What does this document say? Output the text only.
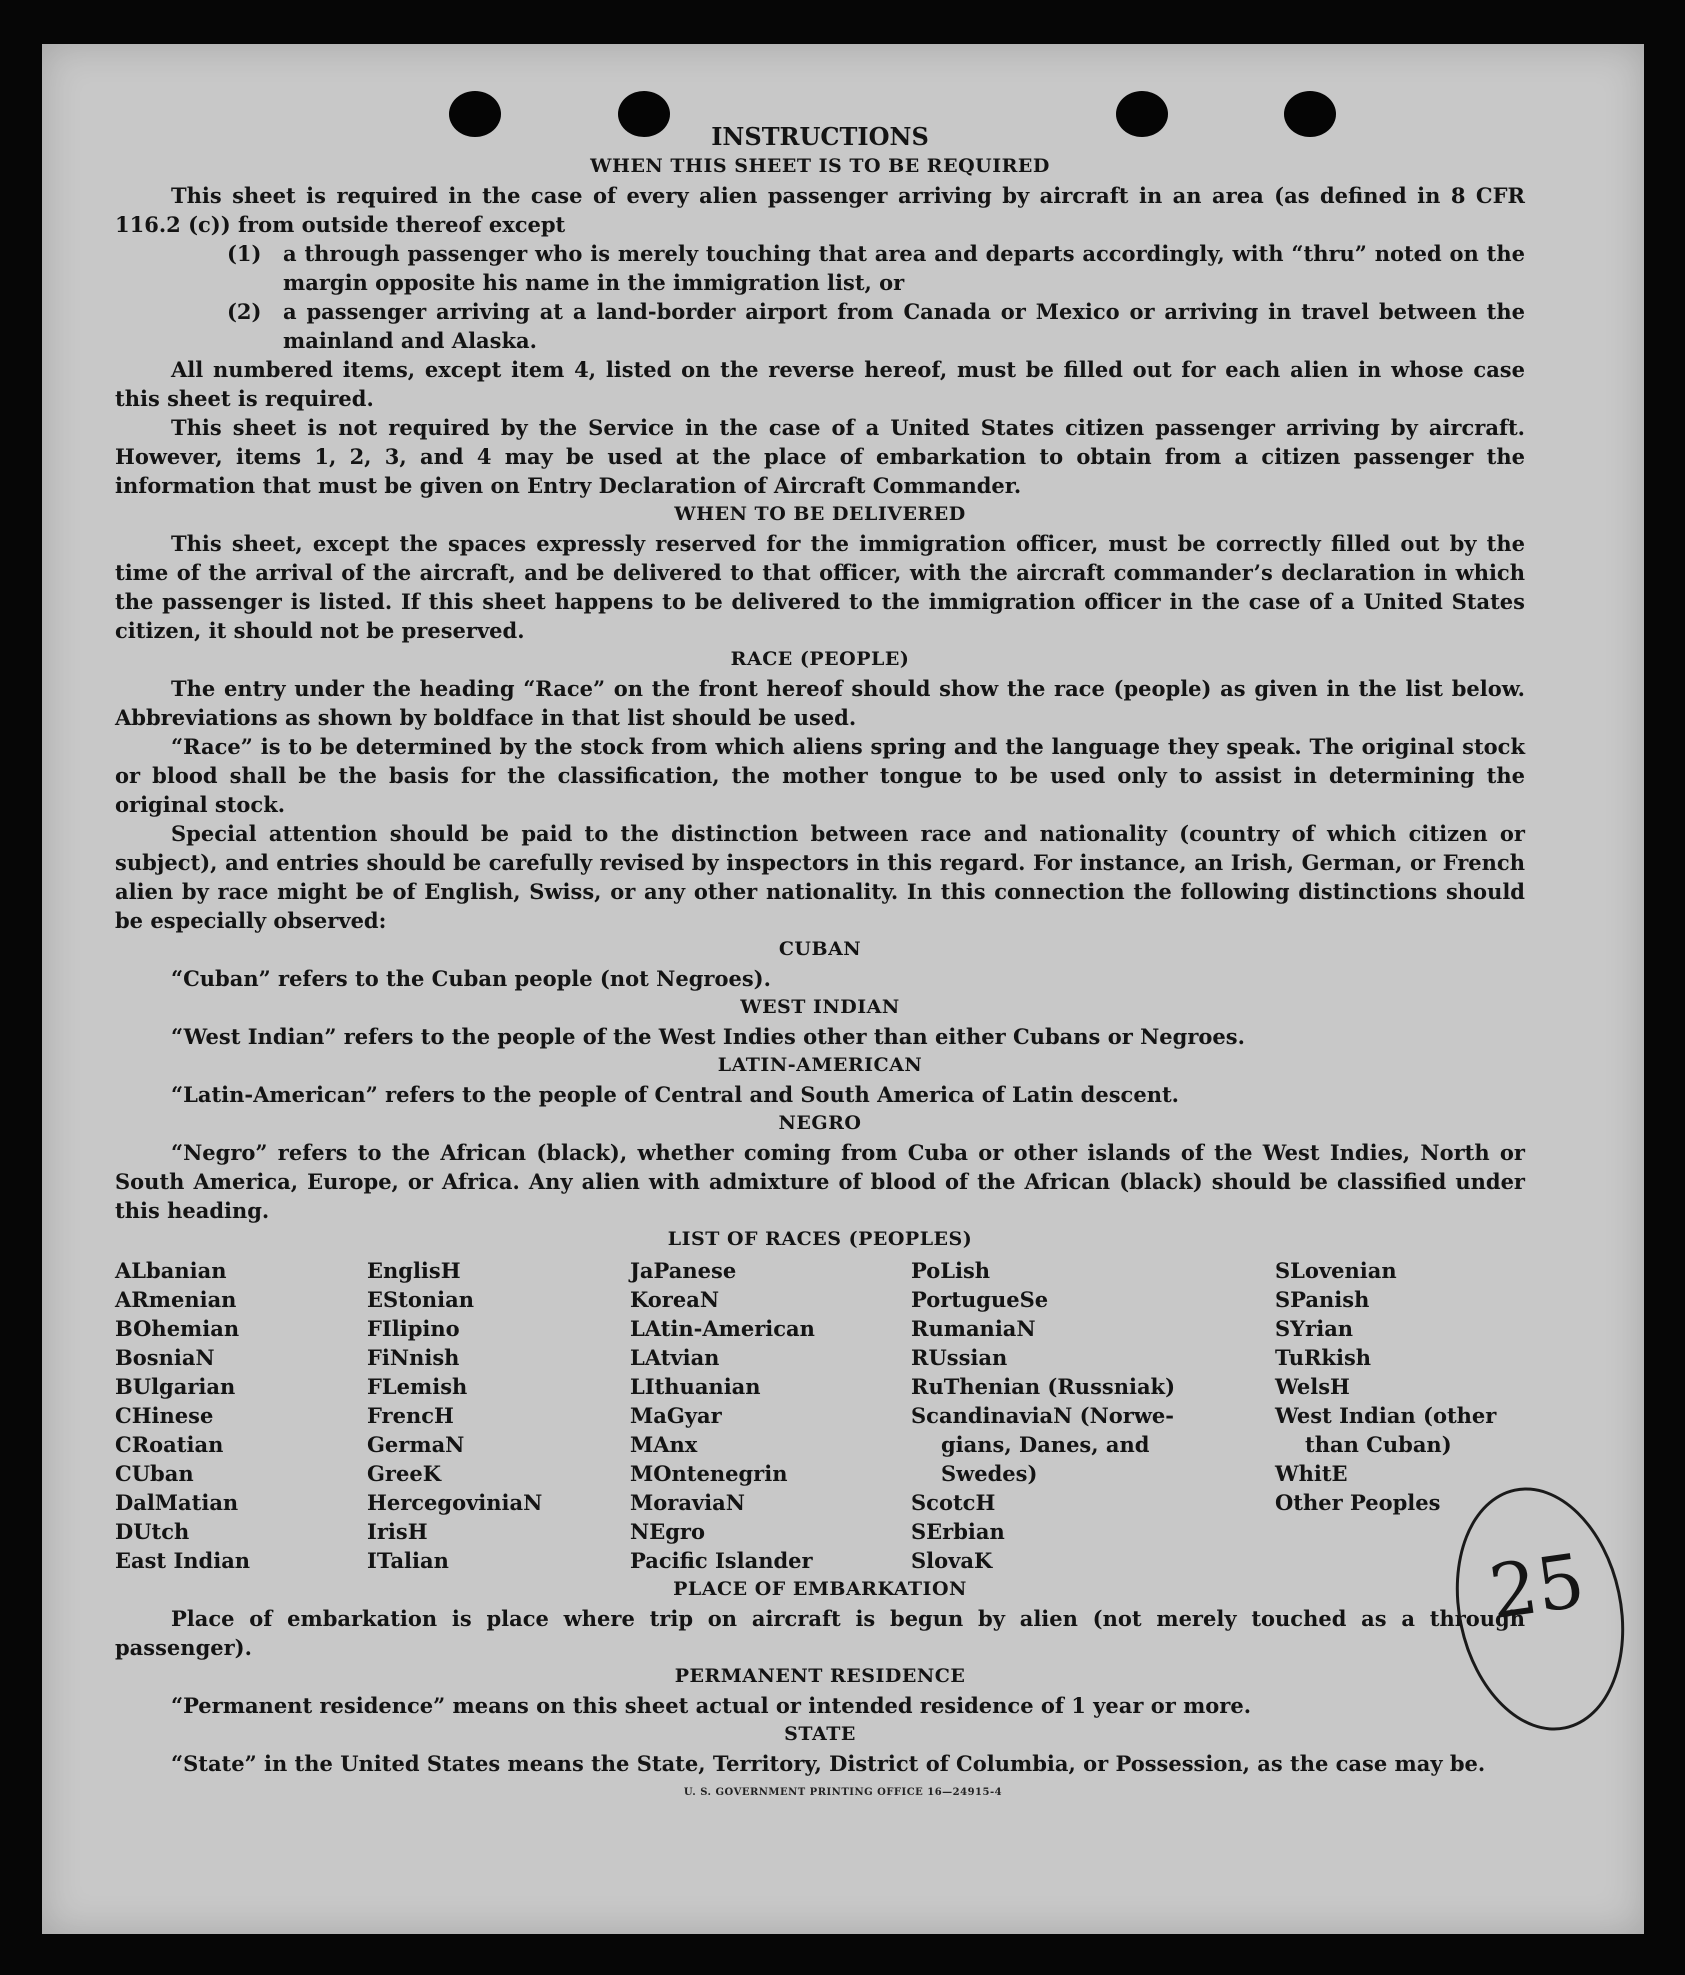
INSTRUCTIONS
WHEN THIS SHEET IS TO BE REQUIRED

This sheet is required in the case of every alien passenger arriving by aircraft in an area (as defined in 8 CFR 116.2 (c)) from outside thereof except

(1) a through passenger who is merely touching that area and departs accordingly, with “thru” noted on the margin opposite his name in the immigration list, or
(2) a passenger arriving at a land-border airport from Canada or Mexico or arriving in travel between the mainland and Alaska.

All numbered items, except item 4, listed on the reverse hereof, must be filled out for each alien in whose case this sheet is required.

This sheet is not required by the Service in the case of a United States citizen passenger arriving by aircraft. However, items 1, 2, 3, and 4 may be used at the place of embarkation to obtain from a citizen passenger the information that must be given on Entry Declaration of Aircraft Commander.

WHEN TO BE DELIVERED

This sheet, except the spaces expressly reserved for the immigration officer, must be correctly filled out by the time of the arrival of the aircraft, and be delivered to that officer, with the aircraft commander’s declaration in which the passenger is listed. If this sheet happens to be delivered to the immigration officer in the case of a United States citizen, it should not be preserved.

RACE (PEOPLE)

The entry under the heading “Race” on the front hereof should show the race (people) as given in the list below. Abbreviations as shown by boldface in that list should be used.

“Race” is to be determined by the stock from which aliens spring and the language they speak. The original stock or blood shall be the basis for the classification, the mother tongue to be used only to assist in determining the original stock.

Special attention should be paid to the distinction between race and nationality (country of which citizen or subject), and entries should be carefully revised by inspectors in this regard. For instance, an Irish, German, or French alien by race might be of English, Swiss, or any other nationality. In this connection the following distinctions should be especially observed:

CUBAN

“Cuban” refers to the Cuban people (not Negroes).

WEST INDIAN

“West Indian” refers to the people of the West Indies other than either Cubans or Negroes.

LATIN-AMERICAN

“Latin-American” refers to the people of Central and South America of Latin descent.

NEGRO

“Negro” refers to the African (black), whether coming from Cuba or other islands of the West Indies, North or South America, Europe, or Africa. Any alien with admixture of blood of the African (black) should be classified under this heading.

LIST OF RACES (PEOPLES)
ALbanian
ARmenian
BOhemian
BosniaN
BUlgarian
CHinese
CRoatian
CUban
DalMatian
DUtch
East Indian
EnglisH
EStonian
FIlipino
FiNnish
FLemish
FrencH
GermaN
GreeK
HercegoviniaN
IrisH
ITalian
JaPanese
KoreaN
LAtin-American
LAtvian
LIthuanian
MaGyar
MAnx
MOntenegrin
MoraviaN
NEgro
Pacific Islander
PoLish
PortugueSe
RumaniaN
RUssian
RuThenian (Russniak)
ScandinaviaN (Norwe-
gians, Danes, and
Swedes)
ScotcH
SErbian
SlovaK
SLovenian
SPanish
SYrian
TuRkish
WelsH
West Indian (other
than Cuban)
WhitE
Other Peoples
PLACE OF EMBARKATION

Place of embarkation is place where trip on aircraft is begun by alien (not merely touched as a through passenger).

PERMANENT RESIDENCE

“Permanent residence” means on this sheet actual or intended residence of 1 year or more.

STATE

“State” in the United States means the State, Territory, District of Columbia, or Possession, as the case may be.

U. S. GOVERNMENT PRINTING OFFICE 16—24915-4
25
